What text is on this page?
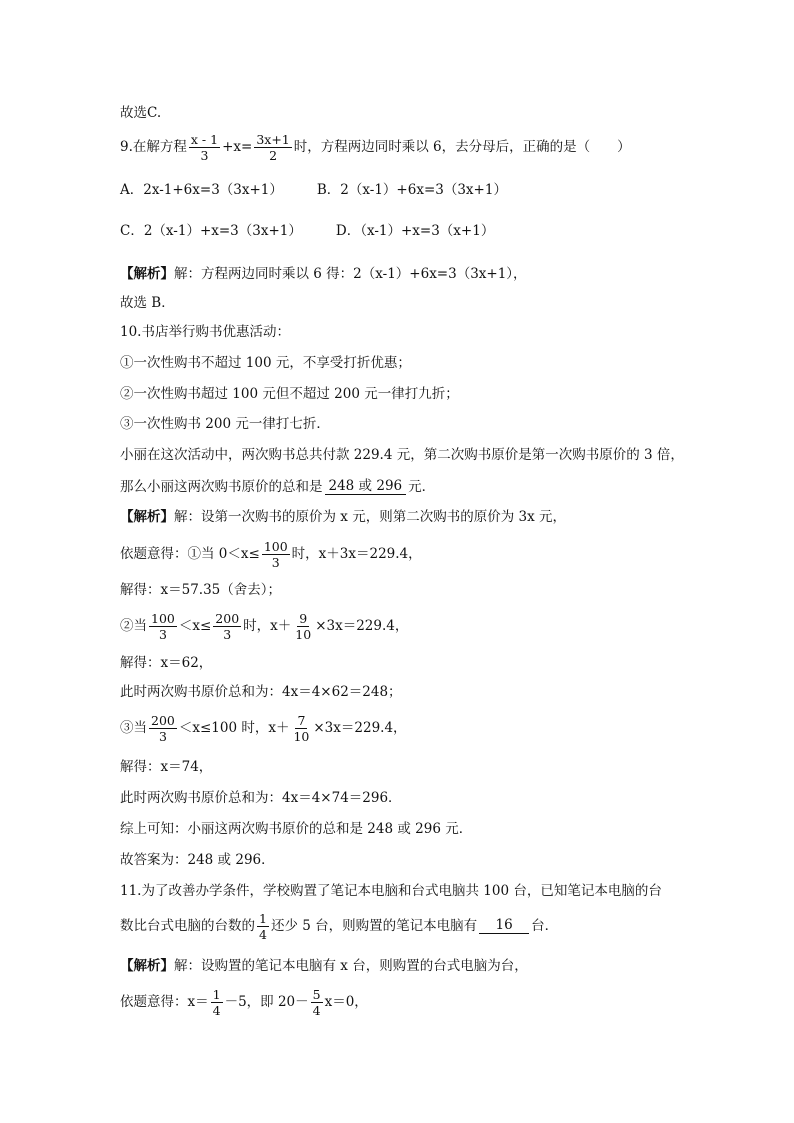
故选C.
9.在解方程 $\frac{x - 1}{3} +x= \frac{3x+1}{2}$ 时，方程两边同时乘以 6，去分母后，正确的是（　　）
A．2x-1+6x=3（3x+1）	B．2（x-1）+6x=3（3x+1）
C．2（x-1）+x=3（3x+1）	D．（x-1）+x=3（x+1）
【解析】 解：方程两边同时乘以 6 得：2（x-1）+6x=3（3x+1），
故选 B．
10.书店举行购书优惠活动：
①一次性购书不超过 100 元，不享受打折优惠；
②一次性购书超过 100 元但不超过 200 元一律打九折；
③一次性购书 200 元一律打七折．
小丽在这次活动中，两次购书总共付款 229.4 元，第二次购书原价是第一次购书原价的 3 倍，
那么小丽这两次购书原价的总和是 248 或 296 元．
【解析】 解：设第一次购书的原价为 x 元，则第二次购书的原价为 3x 元，
依题意得：①当 $0<x\le \frac{100}{3}$ 时，x＋3x＝229.4，
解得：x＝57.35（舍去）；
②当 $\frac{100}{3} <x\le \frac{200}{3}$ 时，$x+ \frac{9}{10} \times 3x=229.4$，
解得：x＝62，
此时两次购书原价总和为：4x＝4×62＝248；
③当 $\frac{200}{3} <x\le 100$ 时，$x+ \frac{7}{10} \times 3x=229.4$，
解得：x＝74，
此时两次购书原价总和为：4x＝4×74＝296．
综上可知：小丽这两次购书原价的总和是 248 或 296 元．
故答案为：248 或 296．
11.为了改善办学条件，学校购置了笔记本电脑和台式电脑共 100 台，已知笔记本电脑的台
数比台式电脑的台数的 $\frac{1}{4}$ 还少 5 台，则购置的笔记本电脑有	16	台．
【解析】 解：设购置的笔记本电脑有 x 台，则购置的台式电脑为台，
依题意得：$x= \frac{1}{4} -5$，即 $20- \frac{5}{4} x=0$，
